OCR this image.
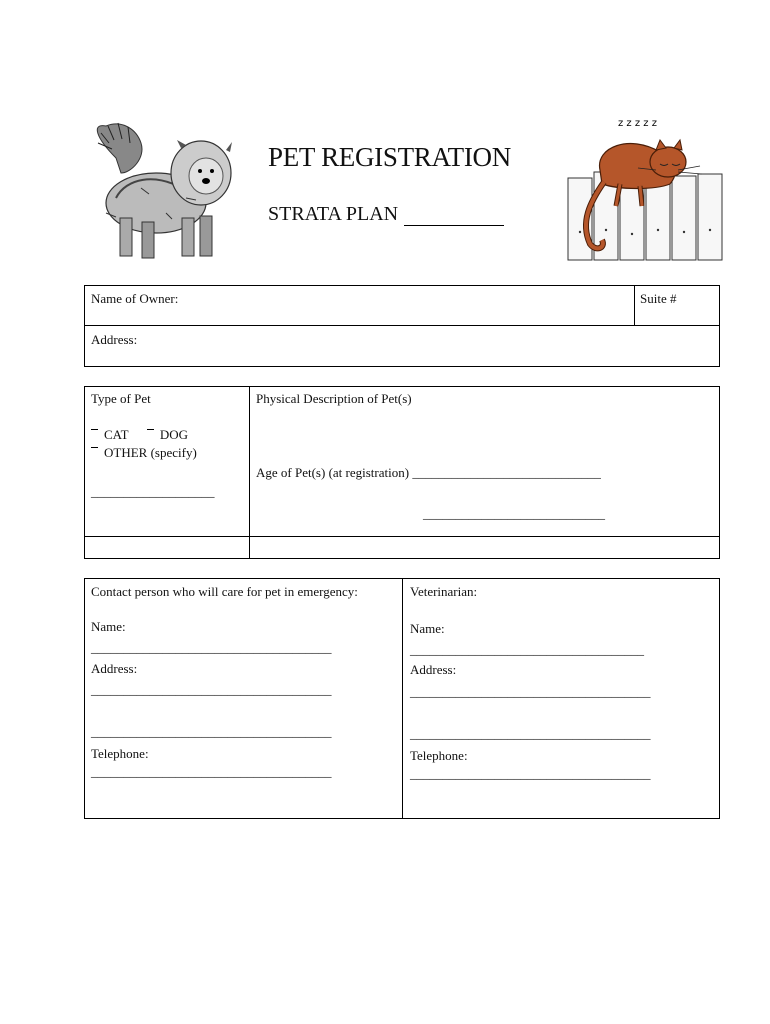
z z z z z
PET REGISTRATION
STRATA PLAN
Name of Owner:	Suite #
Address:
Type of Pet
CAT DOG
OTHER (specify)
___________________
Physical Description of Pet(s)
Age of Pet(s) (at registration) _____________________________
____________________________
Contact person who will care for pet in emergency:
Name:
_____________________________________
Address:
_____________________________________
_____________________________________
Telephone:
_____________________________________
Veterinarian:
Name:
____________________________________
Address:
_____________________________________
_____________________________________
Telephone:
_____________________________________
